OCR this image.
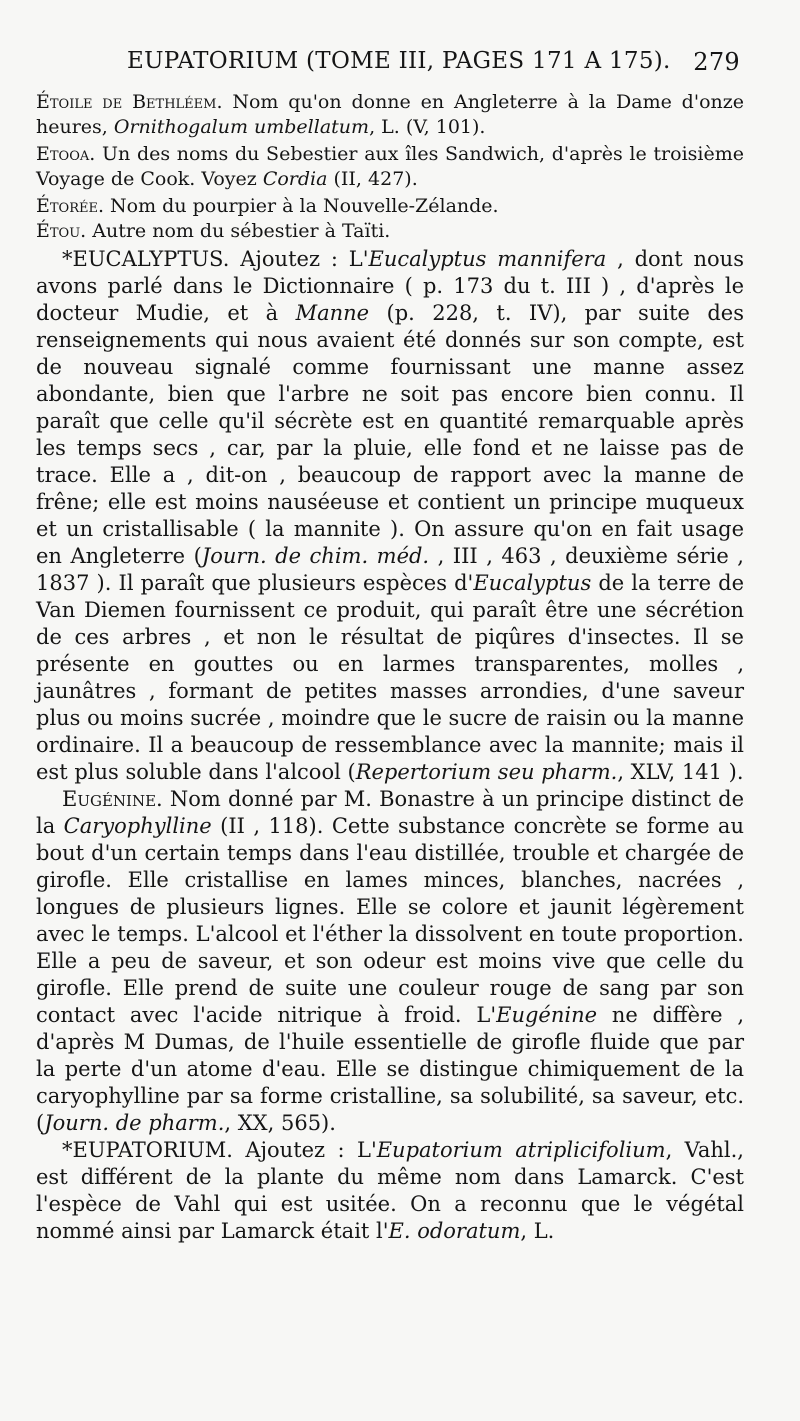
EUPATORIUM (TOME III, PAGES 171 A 175). 279

Étoile de Bethléem. Nom qu'on donne en Angleterre à la Dame d'onze heures, Ornithogalum umbellatum, L. (V, 101).

Etooa. Un des noms du Sebestier aux îles Sandwich, d'après le troisième Voyage de Cook. Voyez Cordia (II, 427).

Étorée. Nom du pourpier à la Nouvelle-Zélande.

Étou. Autre nom du sébestier à Taïti.

*EUCALYPTUS. Ajoutez : L'Eucalyptus mannifera , dont nous avons parlé dans le Dictionnaire ( p. 173 du t. III ) , d'après le docteur Mudie, et à Manne (p. 228, t. IV), par suite des renseignements qui nous avaient été donnés sur son compte, est de nouveau signalé comme fournissant une manne assez abondante, bien que l'arbre ne soit pas encore bien connu. Il paraît que celle qu'il sécrète est en quantité remarquable après les temps secs , car, par la pluie, elle fond et ne laisse pas de trace. Elle a , dit-on , beaucoup de rapport avec la manne de frêne; elle est moins nauséeuse et contient un principe muqueux et un cristallisable ( la mannite ). On assure qu'on en fait usage en Angleterre (Journ. de chim. méd. , III , 463 , deuxième série , 1837 ). Il paraît que plusieurs espèces d'Eucalyptus de la terre de Van Diemen fournissent ce produit, qui paraît être une sécrétion de ces arbres , et non le résultat de piqûres d'insectes. Il se présente en gouttes ou en larmes transparentes, molles , jaunâtres , formant de petites masses arrondies, d'une saveur plus ou moins sucrée , moindre que le sucre de raisin ou la manne ordinaire. Il a beaucoup de ressemblance avec la mannite; mais il est plus soluble dans l'alcool (Repertorium seu pharm., XLV, 141 ).

Eugénine. Nom donné par M. Bonastre à un principe distinct de la Caryophylline (II , 118). Cette substance concrète se forme au bout d'un certain temps dans l'eau distillée, trouble et chargée de girofle. Elle cristallise en lames minces, blanches, nacrées , longues de plusieurs lignes. Elle se colore et jaunit légèrement avec le temps. L'alcool et l'éther la dissolvent en toute proportion. Elle a peu de saveur, et son odeur est moins vive que celle du girofle. Elle prend de suite une couleur rouge de sang par son contact avec l'acide nitrique à froid. L'Eugénine ne diffère , d'après M Dumas, de l'huile essentielle de girofle fluide que par la perte d'un atome d'eau. Elle se distingue chimiquement de la caryophylline par sa forme cristalline, sa solubilité, sa saveur, etc. (Journ. de pharm., XX, 565).

*EUPATORIUM. Ajoutez : L'Eupatorium atriplicifolium, Vahl., est différent de la plante du même nom dans Lamarck. C'est l'espèce de Vahl qui est usitée. On a reconnu que le végétal nommé ainsi par Lamarck était l'E. odoratum, L.
